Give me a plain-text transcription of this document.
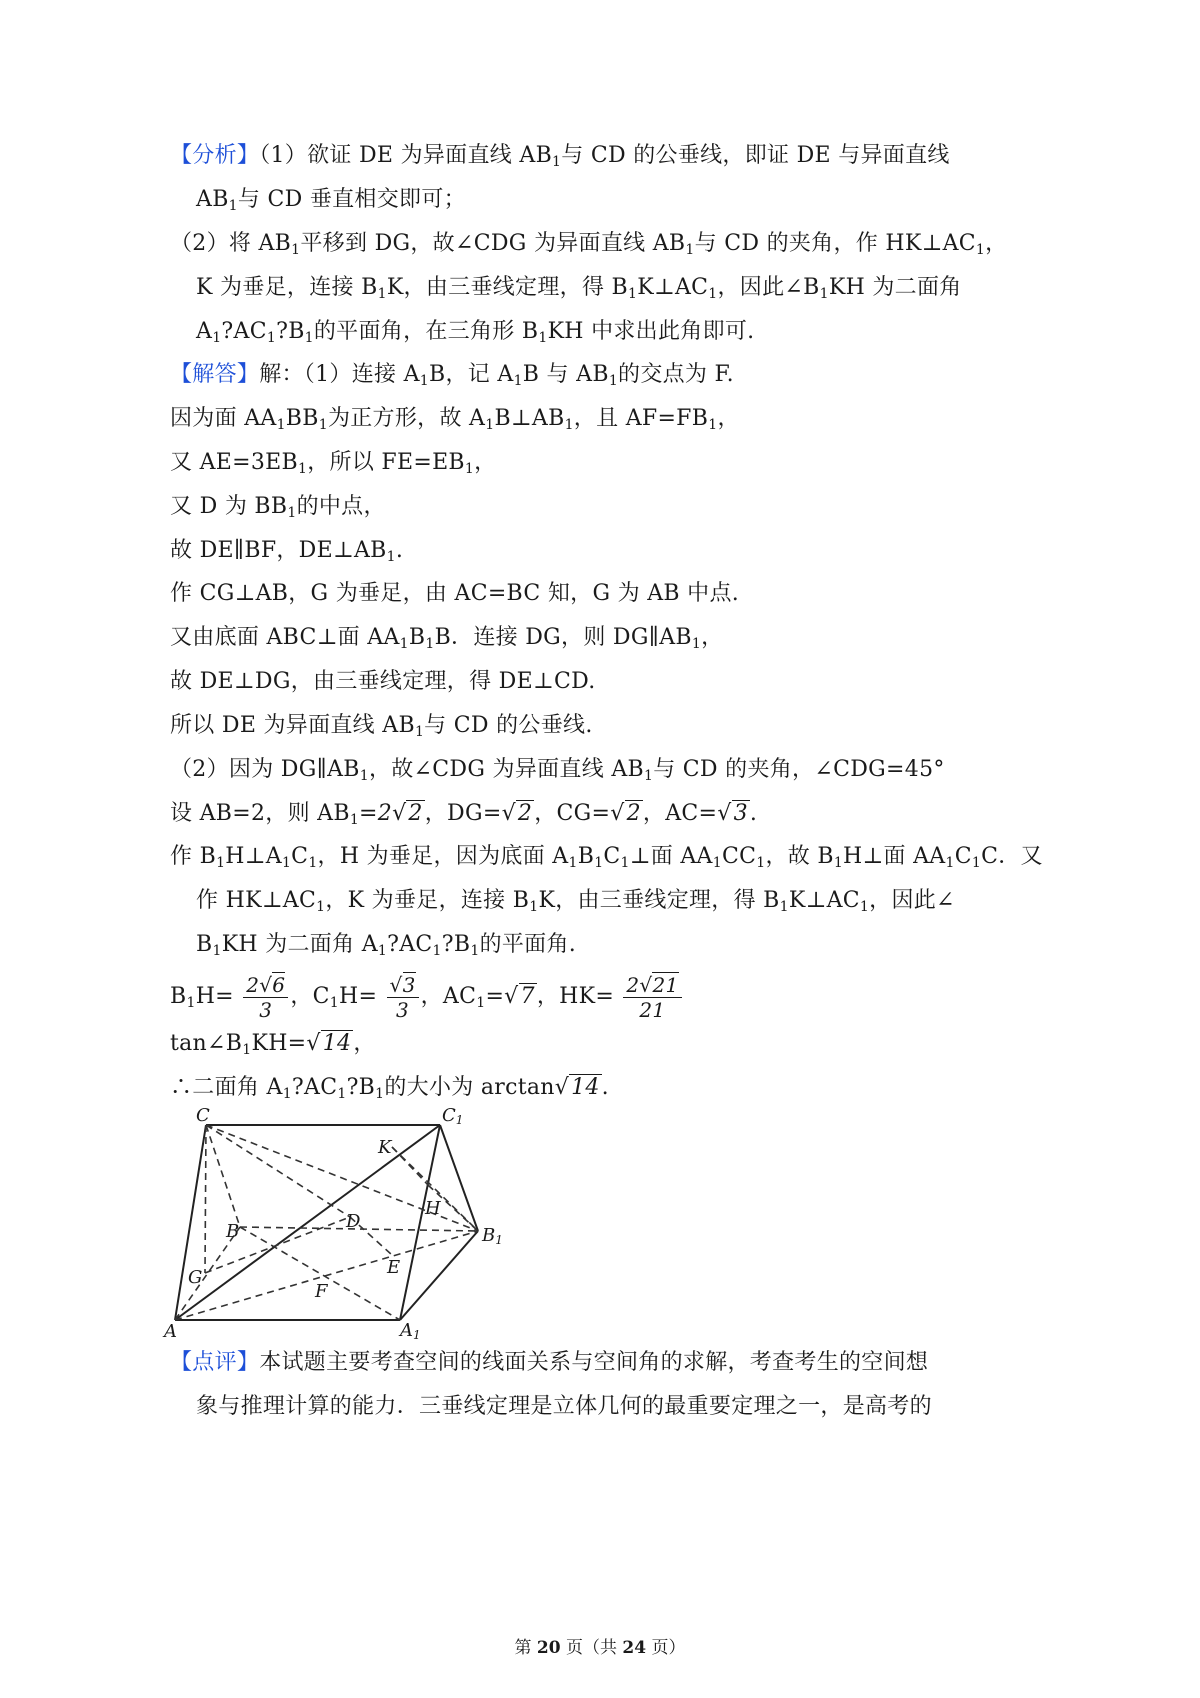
【分析】（1）欲证 DE 为异面直线 $AB_1$与 CD 的公垂线，即证 DE 与异面直线
$AB_1$与 CD 垂直相交即可；
（2）将 $AB_1$平移到 DG，故∠CDG 为异面直线 $AB_1$与 CD 的夹角，作 $HK\perp AC_1$，
K 为垂足，连接 $B_1K$，由三垂线定理，得 $B_1K\perp AC_1$，因此$\angle B_1KH$ 为二面角
$A_1?AC_1?B_1$的平面角，在三角形 $B_1KH$ 中求出此角即可.
【解答】解：（1）连接 $A_1B$，记 $A_1B$ 与 $AB_1$的交点为 F.
因为面 $AA_1BB_1$为正方形，故 $A_1B\perp AB_1$，且 $AF=FB_1$，
又 $AE=3EB_1$，所以 $FE=EB_1$，
又 D 为 $BB_1$的中点，
故 DE∥BF，$DE\perp AB_1$.
作 CG⊥AB，G 为垂足，由 AC=BC 知，G 为 AB 中点.
又由底面 ABC⊥面 $AA_1B_1B$．连接 DG，则 $DG\parallel AB_1$，
故 DE⊥DG，由三垂线定理，得 DE⊥CD.
所以 DE 为异面直线 $AB_1$与 CD 的公垂线.
（2）因为 $DG\parallel AB_1$，故∠CDG 为异面直线 $AB_1$与 CD 的夹角，∠CDG=45°
设 AB=2，则 $AB_1=2√2$，DG=√2，CG=√2，AC=√3.
作 $B_1H\perp A_1C_1$，H 为垂足，因为底面 $A_1B_1C_1\perp$面 $AA_1CC_1$，故 $B_1H\perp$面 $AA_1C_1C$．又
作 $HK\perp AC_1$，K 为垂足，连接 $B_1K$，由三垂线定理，得 $B_1K\perp AC_1$，因此∠
$B_1KH$ 为二面角 $A_1?AC_1?B_1$的平面角.
$B_1H= \frac{2√6}{3}$ ，$C_1H= \frac{√3}{3}$ ，$AC_1=√7$，$HK= \frac{2√21}{21}$
$\tan\angle B_1KH=√14$，
∴二面角 $A_1?AC_1?B_1$的大小为 arctan√14.
C	C1
K
H
D
B	B1
E
G
F
A	A1
【点评】本试题主要考查空间的线面关系与空间角的求解，考查考生的空间想
象与推理计算的能力．三垂线定理是立体几何的最重要定理之一，是高考的
第 20 页（共 24 页）
